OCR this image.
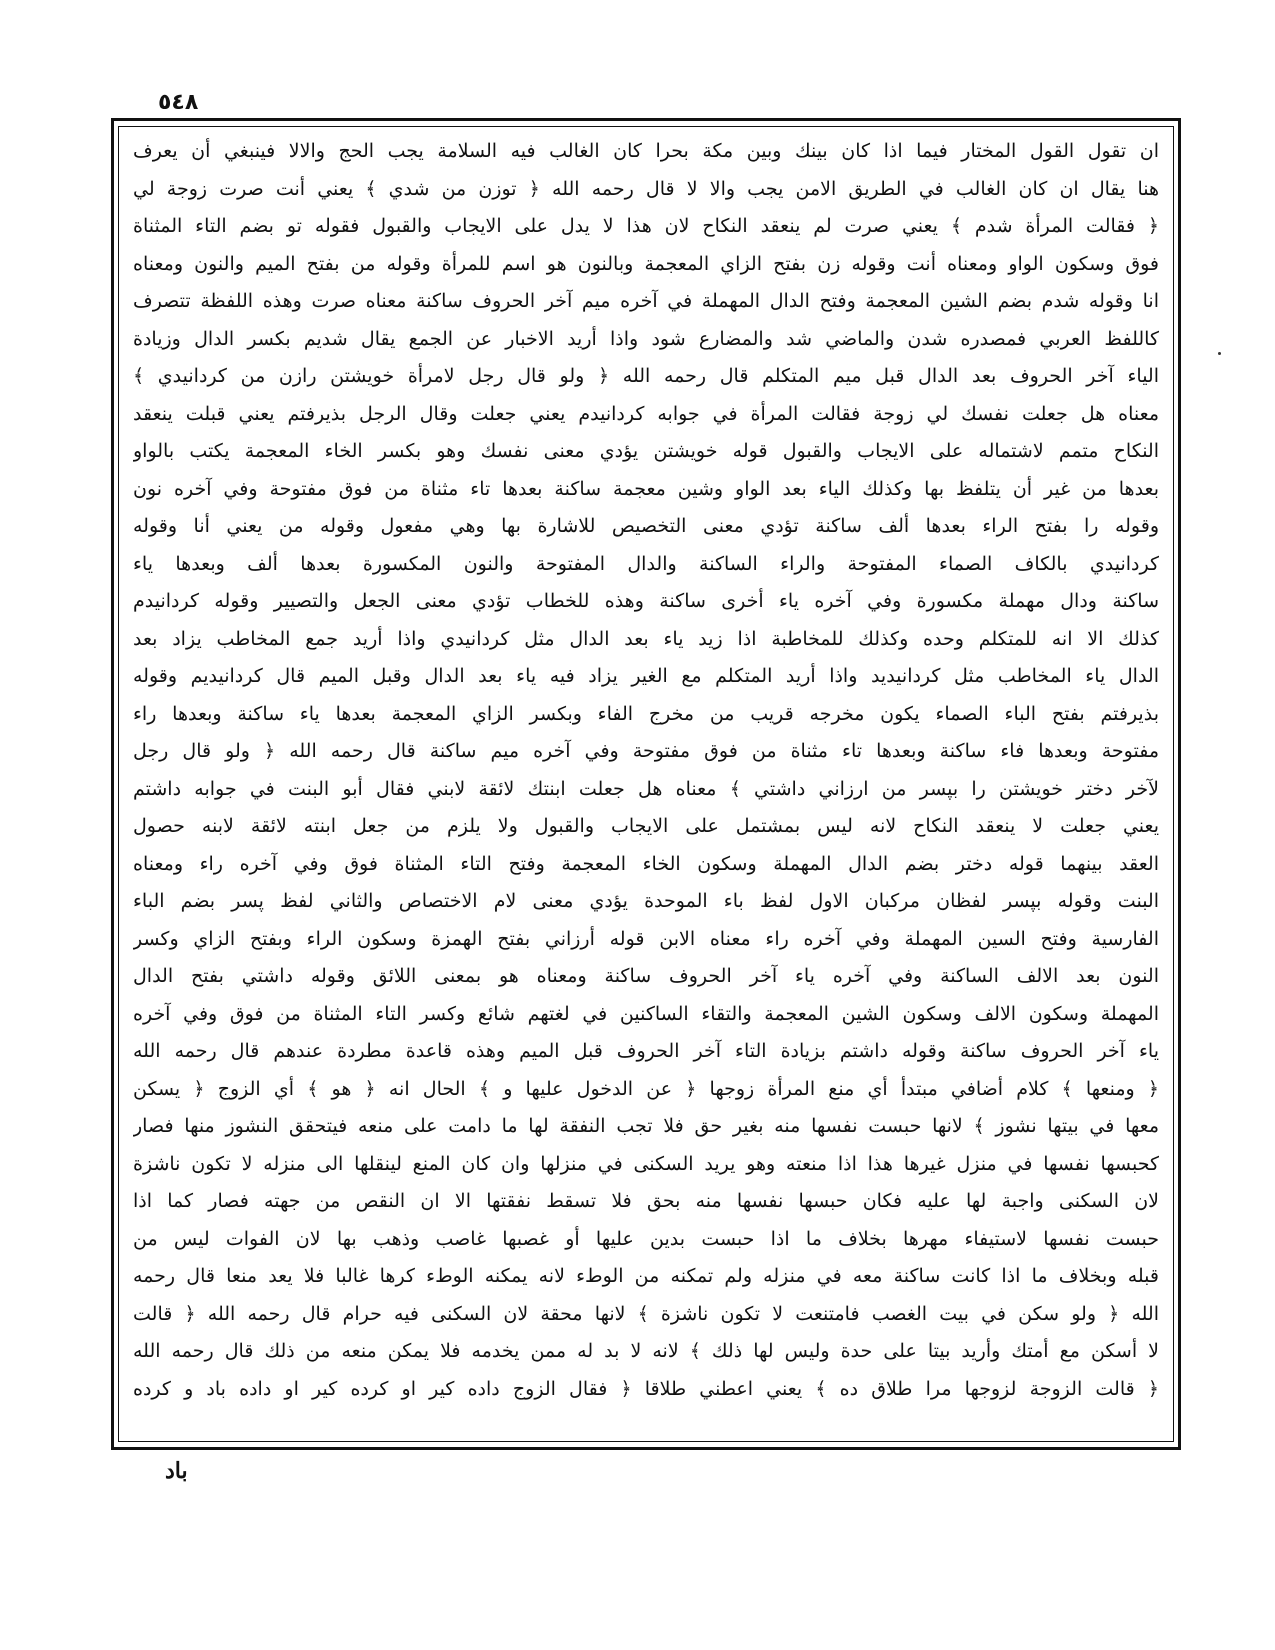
٥٤٨
ان تقول القول المختار فيما اذا كان بينك وبين مكة بحرا كان الغالب فيه السلامة يجب الحج والالا فينبغي أن يعرف
هنا يقال ان كان الغالب في الطريق الامن يجب والا لا قال رحمه الله ﴿ توزن من شدي ﴾ يعني أنت صرت زوجة لي
﴿ فقالت المرأة شدم ﴾ يعني صرت لم ينعقد النكاح لان هذا لا يدل على الايجاب والقبول فقوله تو بضم التاء المثناة
فوق وسكون الواو ومعناه أنت وقوله زن بفتح الزاي المعجمة وبالنون هو اسم للمرأة وقوله من بفتح الميم والنون ومعناه
انا وقوله شدم بضم الشين المعجمة وفتح الدال المهملة في آخره ميم آخر الحروف ساكنة معناه صرت وهذه اللفظة تتصرف
كاللفظ العربي فمصدره شدن والماضي شد والمضارع شود واذا أريد الاخبار عن الجمع يقال شديم بكسر الدال وزيادة
الياء آخر الحروف بعد الدال قبل ميم المتكلم قال رحمه الله ﴿ ولو قال رجل لامرأة خويشتن رازن من كردانيدي ﴾
معناه هل جعلت نفسك لي زوجة فقالت المرأة في جوابه كردانيدم يعني جعلت وقال الرجل بذيرفتم يعني قبلت ينعقد
النكاح متمم لاشتماله على الايجاب والقبول قوله خويشتن يؤدي معنى نفسك وهو بكسر الخاء المعجمة يكتب بالواو
بعدها من غير أن يتلفظ بها وكذلك الياء بعد الواو وشين معجمة ساكنة بعدها تاء مثناة من فوق مفتوحة وفي آخره نون
وقوله را بفتح الراء بعدها ألف ساكنة تؤدي معنى التخصيص للاشارة بها وهي مفعول وقوله من يعني أنا وقوله
كردانيدي بالكاف الصماء المفتوحة والراء الساكنة والدال المفتوحة والنون المكسورة بعدها ألف وبعدها ياء
ساكنة ودال مهملة مكسورة وفي آخره ياء أخرى ساكنة وهذه للخطاب تؤدي معنى الجعل والتصيير وقوله كردانيدم
كذلك الا انه للمتكلم وحده وكذلك للمخاطبة اذا زيد ياء بعد الدال مثل كردانيدي واذا أريد جمع المخاطب يزاد بعد
الدال ياء المخاطب مثل كردانيديد واذا أريد المتكلم مع الغير يزاد فيه ياء بعد الدال وقبل الميم قال كردانيديم وقوله
بذيرفتم بفتح الباء الصماء يكون مخرجه قريب من مخرج الفاء وبكسر الزاي المعجمة بعدها ياء ساكنة وبعدها راء
مفتوحة وبعدها فاء ساكنة وبعدها تاء مثناة من فوق مفتوحة وفي آخره ميم ساكنة قال رحمه الله ﴿ ولو قال رجل
لآخر دختر خويشتن را بپسر من ارزاني داشتي ﴾ معناه هل جعلت ابنتك لائقة لابني فقال أبو البنت في جوابه داشتم
يعني جعلت لا ينعقد النكاح لانه ليس بمشتمل على الايجاب والقبول ولا يلزم من جعل ابنته لائقة لابنه حصول
العقد بينهما قوله دختر بضم الدال المهملة وسكون الخاء المعجمة وفتح التاء المثناة فوق وفي آخره راء ومعناه
البنت وقوله بپسر لفظان مركبان الاول لفظ باء الموحدة يؤدي معنى لام الاختصاص والثاني لفظ پسر بضم الباء
الفارسية وفتح السين المهملة وفي آخره راء معناه الابن قوله أرزاني بفتح الهمزة وسكون الراء وبفتح الزاي وكسر
النون بعد الالف الساكنة وفي آخره ياء آخر الحروف ساكنة ومعناه هو بمعنى اللائق وقوله داشتي بفتح الدال
المهملة وسكون الالف وسكون الشين المعجمة والتقاء الساكنين في لغتهم شائع وكسر التاء المثناة من فوق وفي آخره
ياء آخر الحروف ساكنة وقوله داشتم بزيادة التاء آخر الحروف قبل الميم وهذه قاعدة مطردة عندهم قال رحمه الله
﴿ ومنعها ﴾ كلام أضافي مبتدأ أي منع المرأة زوجها ﴿ عن الدخول عليها و ﴾ الحال انه ﴿ هو ﴾ أي الزوج ﴿ يسكن
معها في بيتها نشوز ﴾ لانها حبست نفسها منه بغير حق فلا تجب النفقة لها ما دامت على منعه فيتحقق النشوز منها فصار
كحبسها نفسها في منزل غيرها هذا اذا منعته وهو يريد السكنى في منزلها وان كان المنع لينقلها الى منزله لا تكون ناشزة
لان السكنى واجبة لها عليه فكان حبسها نفسها منه بحق فلا تسقط نفقتها الا ان النقص من جهته فصار كما اذا
حبست نفسها لاستيفاء مهرها بخلاف ما اذا حبست بدين عليها أو غصبها غاصب وذهب بها لان الفوات ليس من
قبله وبخلاف ما اذا كانت ساكنة معه في منزله ولم تمكنه من الوطء لانه يمكنه الوطء كرها غالبا فلا يعد منعا قال رحمه
الله ﴿ ولو سكن في بيت الغصب فامتنعت لا تكون ناشزة ﴾ لانها محقة لان السكنى فيه حرام قال رحمه الله ﴿ قالت
لا أسكن مع أمتك وأريد بيتا على حدة وليس لها ذلك ﴾ لانه لا بد له ممن يخدمه فلا يمكن منعه من ذلك قال رحمه الله
﴿ قالت الزوجة لزوجها مرا طلاق ده ﴾ يعني اعطني طلاقا ﴿ فقال الزوج داده كير او كرده كير او داده باد و كرده
باد
